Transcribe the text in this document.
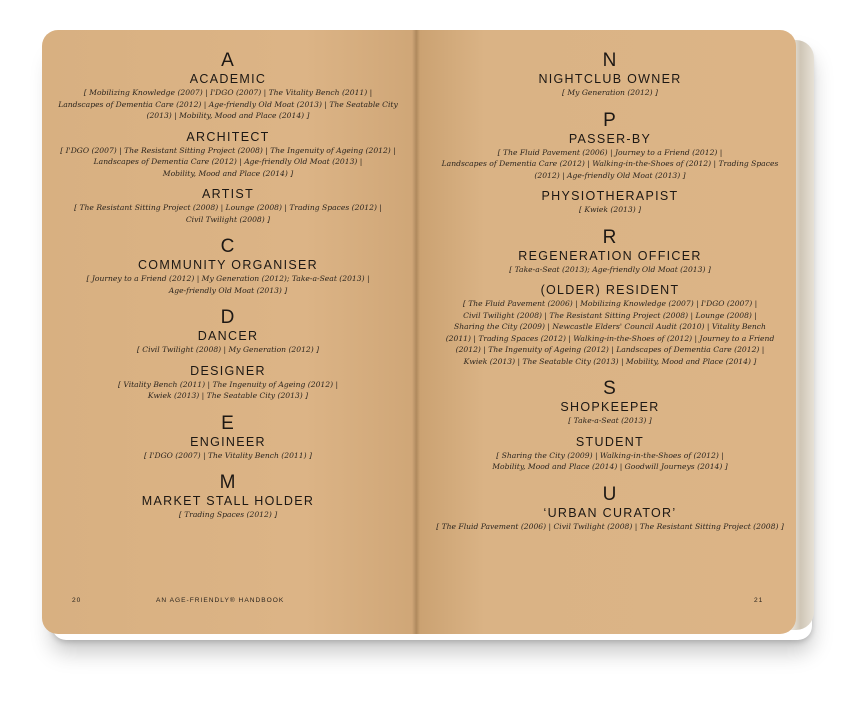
A

ACADEMIC

[ Mobilizing Knowledge (2007) | I'DGO (2007) | The Vitality Bench (2011) |
Landscapes of Dementia Care (2012) | Age-friendly Old Moat (2013) | The Seatable City
(2013) | Mobility, Mood and Place (2014) ]

ARCHITECT

[ I'DGO (2007) | The Resistant Sitting Project (2008) | The Ingenuity of Ageing (2012) |
Landscapes of Dementia Care (2012) | Age-friendly Old Moat (2013) |
Mobility, Mood and Place (2014) ]

ARTIST

[ The Resistant Sitting Project (2008) | Lounge (2008) | Trading Spaces (2012) |
Civil Twilight (2008) ]

C

COMMUNITY ORGANISER

[ Journey to a Friend (2012) | My Generation (2012); Take-a-Seat (2013) |
Age-friendly Old Moat (2013) ]

D

DANCER

[ Civil Twilight (2008) | My Generation (2012) ]

DESIGNER

[ Vitality Bench (2011) | The Ingenuity of Ageing (2012) |
Kwiek (2013) | The Seatable City (2013) ]

E

ENGINEER

[ I'DGO (2007) | The Vitality Bench (2011) ]

M

MARKET STALL HOLDER

[ Trading Spaces (2012) ]

N

NIGHTCLUB OWNER

[ My Generation (2012) ]

P

PASSER-BY

[ The Fluid Pavement (2006) | Journey to a Friend (2012) |
Landscapes of Dementia Care (2012) | Walking-in-the-Shoes of (2012) | Trading Spaces
(2012) | Age-friendly Old Moat (2013) ]

PHYSIOTHERAPIST

[ Kwiek (2013) ]

R

REGENERATION OFFICER

[ Take-a-Seat (2013); Age-friendly Old Moat (2013) ]

(OLDER) RESIDENT

[ The Fluid Pavement (2006) | Mobilizing Knowledge (2007) | I'DGO (2007) |
Civil Twilight (2008) | The Resistant Sitting Project (2008) | Lounge (2008) |
Sharing the City (2009) | Newcastle Elders' Council Audit (2010) | Vitality Bench
(2011) | Trading Spaces (2012) | Walking-in-the-Shoes of (2012) | Journey to a Friend
(2012) | The Ingenuity of Ageing (2012) | Landscapes of Dementia Care (2012) |
Kwiek (2013) | The Seatable City (2013) | Mobility, Mood and Place (2014) ]

S

SHOPKEEPER

[ Take-a-Seat (2013) ]

STUDENT

[ Sharing the City (2009) | Walking-in-the-Shoes of (2012) |
Mobility, Mood and Place (2014) | Goodwill Journeys (2014) ]

U

‘URBAN CURATOR’

[ The Fluid Pavement (2006) | Civil Twilight (2008) | The Resistant Sitting Project (2008) ]

20	AN AGE-FRIENDLY® HANDBOOK	21
